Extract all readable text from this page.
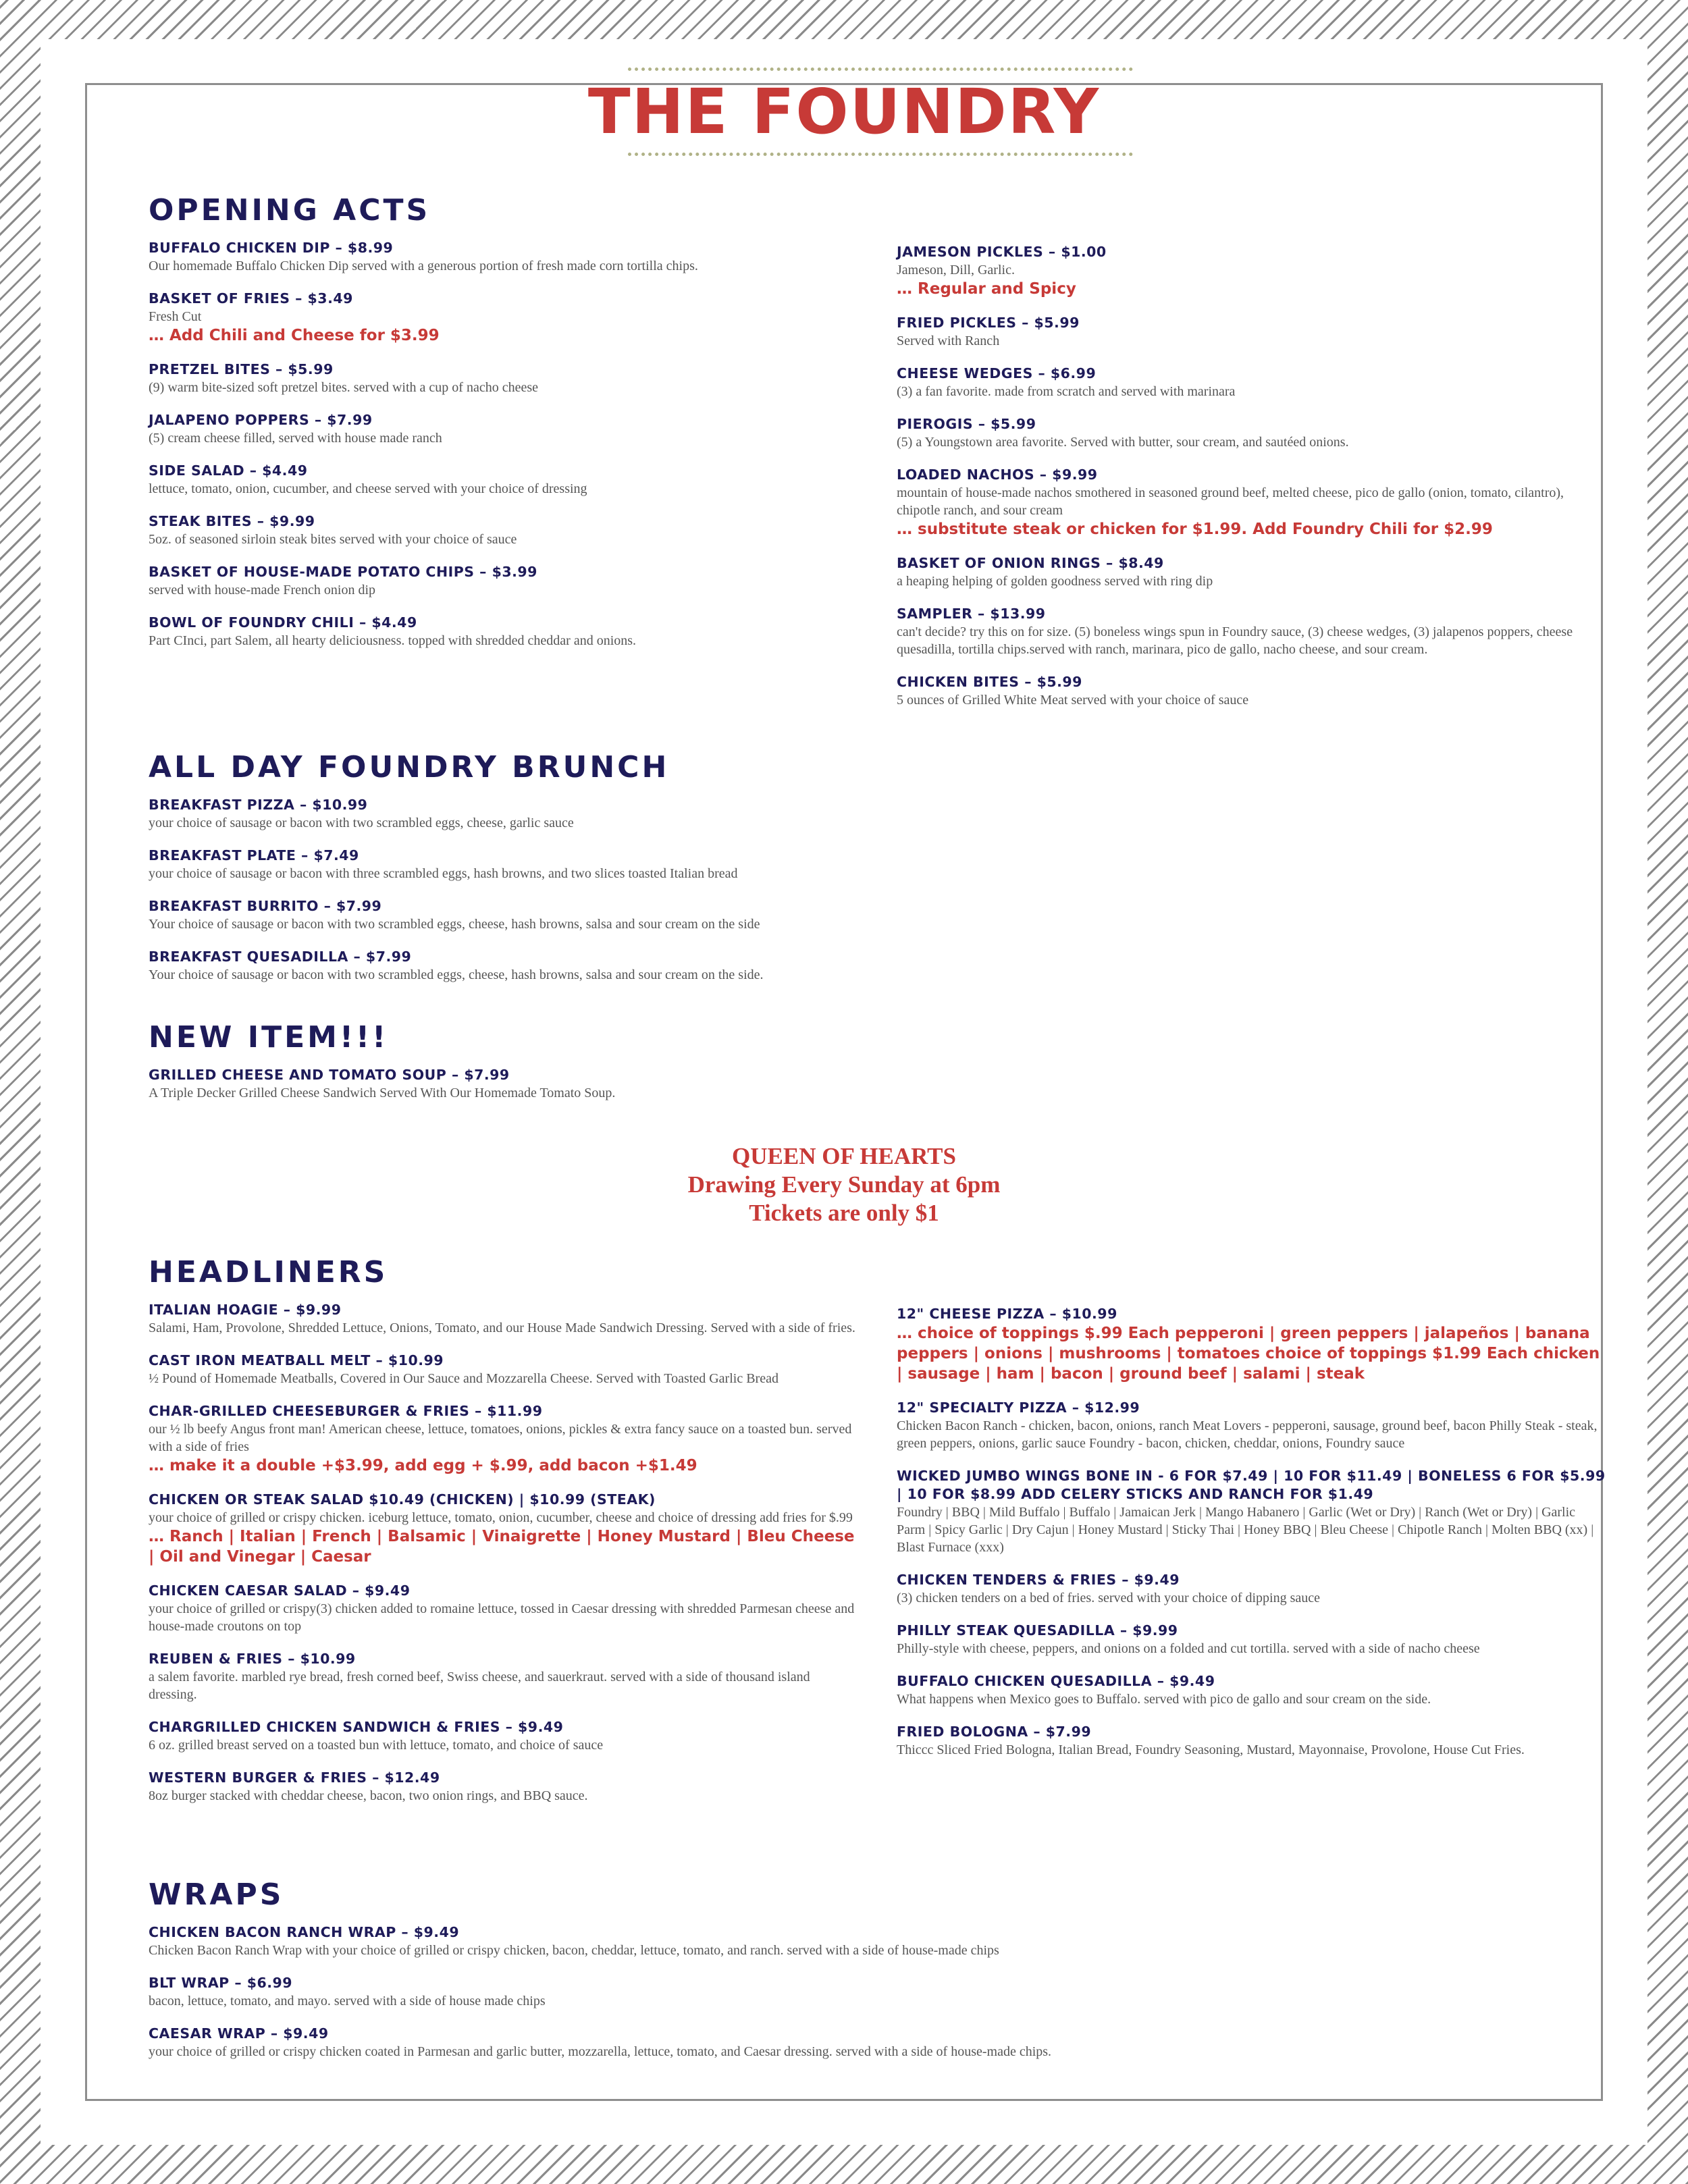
THE FOUNDRY
OPENING ACTS
BUFFALO CHICKEN DIP – $8.99
Our homemade Buffalo Chicken Dip served with a generous portion of fresh made corn tortilla chips.
BASKET OF FRIES – $3.49
Fresh Cut
… Add Chili and Cheese for $3.99
PRETZEL BITES – $5.99
(9) warm bite-sized soft pretzel bites. served with a cup of nacho cheese
JALAPENO POPPERS – $7.99
(5) cream cheese filled, served with house made ranch
SIDE SALAD – $4.49
lettuce, tomato, onion, cucumber, and cheese served with your choice of dressing
STEAK BITES – $9.99
5oz. of seasoned sirloin steak bites served with your choice of sauce
BASKET OF HOUSE-MADE POTATO CHIPS – $3.99
served with house-made French onion dip
BOWL OF FOUNDRY CHILI – $4.49
Part CInci, part Salem, all hearty deliciousness. topped with shredded cheddar and onions.
JAMESON PICKLES – $1.00
Jameson, Dill, Garlic.
… Regular and Spicy
FRIED PICKLES – $5.99
Served with Ranch
CHEESE WEDGES – $6.99
(3) a fan favorite. made from scratch and served with marinara
PIEROGIS – $5.99
(5) a Youngstown area favorite. Served with butter, sour cream, and sautéed onions.
LOADED NACHOS – $9.99
mountain of house-made nachos smothered in seasoned ground beef, melted cheese, pico de gallo (onion, tomato, cilantro), chipotle ranch, and sour cream
… substitute steak or chicken for $1.99. Add Foundry Chili for $2.99
BASKET OF ONION RINGS – $8.49
a heaping helping of golden goodness served with ring dip
SAMPLER – $13.99
can't decide? try this on for size. (5) boneless wings spun in Foundry sauce, (3) cheese wedges, (3) jalapenos poppers, cheese quesadilla, tortilla chips.served with ranch, marinara, pico de gallo, nacho cheese, and sour cream.
CHICKEN BITES – $5.99
5 ounces of Grilled White Meat served with your choice of sauce
ALL DAY FOUNDRY BRUNCH
BREAKFAST PIZZA – $10.99
your choice of sausage or bacon with two scrambled eggs, cheese, garlic sauce
BREAKFAST PLATE – $7.49
your choice of sausage or bacon with three scrambled eggs, hash browns, and two slices toasted Italian bread
BREAKFAST BURRITO – $7.99
Your choice of sausage or bacon with two scrambled eggs, cheese, hash browns, salsa and sour cream on the side
BREAKFAST QUESADILLA – $7.99
Your choice of sausage or bacon with two scrambled eggs, cheese, hash browns, salsa and sour cream on the side.
NEW ITEM!!!
GRILLED CHEESE AND TOMATO SOUP – $7.99
A Triple Decker Grilled Cheese Sandwich Served With Our Homemade Tomato Soup.
QUEEN OF HEARTS
Drawing Every Sunday at 6pm
Tickets are only $1
HEADLINERS
ITALIAN HOAGIE – $9.99
Salami, Ham, Provolone, Shredded Lettuce, Onions, Tomato, and our House Made Sandwich Dressing. Served with a side of fries.
CAST IRON MEATBALL MELT – $10.99
½ Pound of Homemade Meatballs, Covered in Our Sauce and Mozzarella Cheese. Served with Toasted Garlic Bread
CHAR-GRILLED CHEESEBURGER & FRIES – $11.99
our ½ lb beefy Angus front man! American cheese, lettuce, tomatoes, onions, pickles & extra fancy sauce on a toasted bun. served with a side of fries
… make it a double +$3.99, add egg + $.99, add bacon +$1.49
CHICKEN OR STEAK SALAD $10.49 (CHICKEN) | $10.99 (STEAK)
your choice of grilled or crispy chicken. iceburg lettuce, tomato, onion, cucumber, cheese and choice of dressing add fries for $.99
… Ranch | Italian | French | Balsamic | Vinaigrette | Honey Mustard | Bleu Cheese | Oil and Vinegar | Caesar
CHICKEN CAESAR SALAD – $9.49
your choice of grilled or crispy(3) chicken added to romaine lettuce, tossed in Caesar dressing with shredded Parmesan cheese and house-made croutons on top
REUBEN & FRIES – $10.99
a salem favorite. marbled rye bread, fresh corned beef, Swiss cheese, and sauerkraut. served with a side of thousand island dressing.
CHARGRILLED CHICKEN SANDWICH & FRIES – $9.49
6 oz. grilled breast served on a toasted bun with lettuce, tomato, and choice of sauce
WESTERN BURGER & FRIES – $12.49
8oz burger stacked with cheddar cheese, bacon, two onion rings, and BBQ sauce.
12" CHEESE PIZZA – $10.99
… choice of toppings $.99 Each pepperoni | green peppers | jalapeños | banana peppers | onions | mushrooms | tomatoes choice of toppings $1.99 Each chicken | sausage | ham | bacon | ground beef | salami | steak
12" SPECIALTY PIZZA – $12.99
Chicken Bacon Ranch - chicken, bacon, onions, ranch Meat Lovers - pepperoni, sausage, ground beef, bacon Philly Steak - steak, green peppers, onions, garlic sauce Foundry - bacon, chicken, cheddar, onions, Foundry sauce
WICKED JUMBO WINGS BONE IN - 6 FOR $7.49 | 10 FOR $11.49 | BONELESS 6 FOR $5.99 | 10 FOR $8.99 ADD CELERY STICKS AND RANCH FOR $1.49
Foundry | BBQ | Mild Buffalo | Buffalo | Jamaican Jerk | Mango Habanero | Garlic (Wet or Dry) | Ranch (Wet or Dry) | Garlic Parm | Spicy Garlic | Dry Cajun | Honey Mustard | Sticky Thai | Honey BBQ | Bleu Cheese | Chipotle Ranch | Molten BBQ (xx) | Blast Furnace (xxx)
CHICKEN TENDERS & FRIES – $9.49
(3) chicken tenders on a bed of fries. served with your choice of dipping sauce
PHILLY STEAK QUESADILLA – $9.99
Philly-style with cheese, peppers, and onions on a folded and cut tortilla. served with a side of nacho cheese
BUFFALO CHICKEN QUESADILLA – $9.49
What happens when Mexico goes to Buffalo. served with pico de gallo and sour cream on the side.
FRIED BOLOGNA – $7.99
Thiccc Sliced Fried Bologna, Italian Bread, Foundry Seasoning, Mustard, Mayonnaise, Provolone, House Cut Fries.
WRAPS
CHICKEN BACON RANCH WRAP – $9.49
Chicken Bacon Ranch Wrap with your choice of grilled or crispy chicken, bacon, cheddar, lettuce, tomato, and ranch. served with a side of house-made chips
BLT WRAP – $6.99
bacon, lettuce, tomato, and mayo. served with a side of house made chips
CAESAR WRAP – $9.49
your choice of grilled or crispy chicken coated in Parmesan and garlic butter, mozzarella, lettuce, tomato, and Caesar dressing. served with a side of house-made chips.
